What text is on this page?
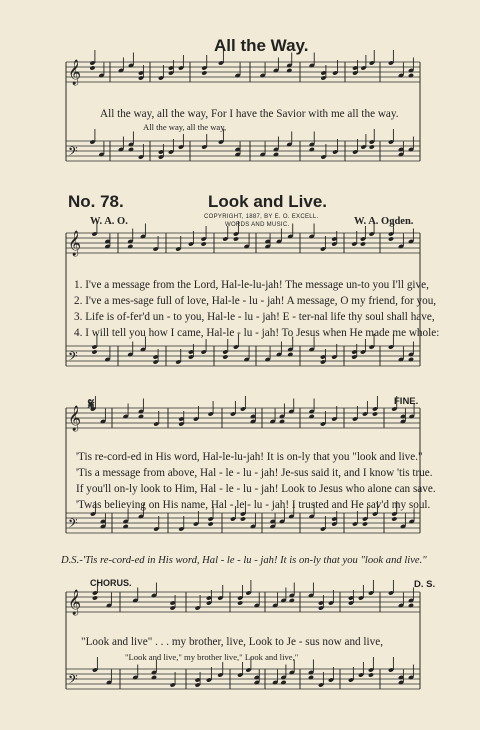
𝄞
𝄢
𝄞
𝄢
𝄞
𝄢
𝄞
𝄢
All the Way.
All the way, all the way, For I have the Savior with me all the way.
All the way, all the way,
No. 78.	Look and Live.
COPYRIGHT, 1887, BY E. O. EXCELL.
WORDS AND MUSIC.
W. A. O.	W. A. Ogden.
1. I've a message from the Lord, Hal-le-lu-jah! The message un-to you I'll give,
2. I've a mes-sage full of love, Hal-le - lu - jah! A message, O my friend, for you,
3. Life is of-fer'd un - to you, Hal-le - lu - jah! E - ter-nal life thy soul shall have,
4. I will tell you how I came, Hal-le - lu - jah! To Jesus when He made me whole:
𝄋	FINE.
'Tis re-cord-ed in His word, Hal-le-lu-jah! It is on-ly that you "look and live."
'Tis a message from above, Hal - le - lu - jah! Je-sus said it, and I know 'tis true.
If you'll on-ly look to Him, Hal - le - lu - jah! Look to Jesus who alone can save.
'Twas believing on His name, Hal - le - lu - jah! I trusted and He sav'd my soul.
D.S.-'Tis re-cord-ed in His word, Hal - le - lu - jah! It is on-ly that you "look and live."
CHORUS.	D. S.
"Look and live" . . . my brother, live, Look to Je - sus now and live,
"Look and live," my brother live," Look and live,"
